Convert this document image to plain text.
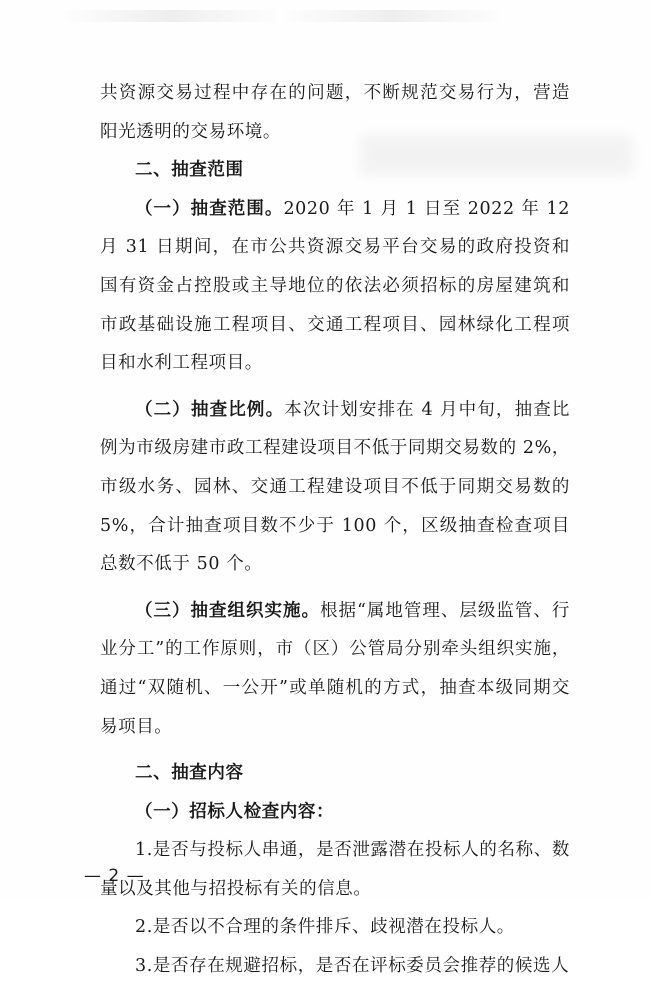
共资源交易过程中存在的问题，不断规范交易行为，营造阳光透明的交易环境。

二、抽查范围

（一）抽查范围。2020 年 1 月 1 日至 2022 年 12 月 31 日期间，在市公共资源交易平台交易的政府投资和国有资金占控股或主导地位的依法必须招标的房屋建筑和市政基础设施工程项目、交通工程项目、园林绿化工程项目和水利工程项目。

（二）抽查比例。本次计划安排在 4 月中旬，抽查比例为市级房建市政工程建设项目不低于同期交易数的 2%，市级水务、园林、交通工程建设项目不低于同期交易数的 5%，合计抽查项目数不少于 100 个，区级抽查检查项目总数不低于 50 个。

（三）抽查组织实施。根据“属地管理、层级监管、行业分工”的工作原则，市（区）公管局分别牵头组织实施，通过“双随机、一公开”或单随机的方式，抽查本级同期交易项目。

二、抽查内容

（一）招标人检查内容：

1.是否与投标人串通，是否泄露潜在投标人的名称、数量以及其他与招投标有关的信息。

2.是否以不合理的条件排斥、歧视潜在投标人。

3.是否存在规避招标，是否在评标委员会推荐的候选人

— 2 —
